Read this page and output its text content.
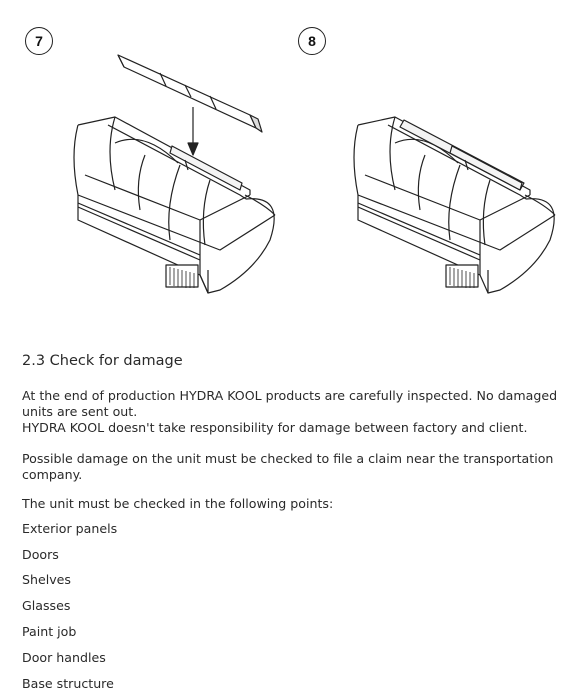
7	8
2.3 Check for damage
At the end of production HYDRA KOOL products are carefully inspected. No damaged
units are sent out.
HYDRA KOOL doesn't take responsibility for damage between factory and client.
Possible damage on the unit must be checked to file a claim near the transportation
company.
The unit must be checked in the following points:
Exterior panels
Doors
Shelves
Glasses
Paint job
Door handles
Base structure
